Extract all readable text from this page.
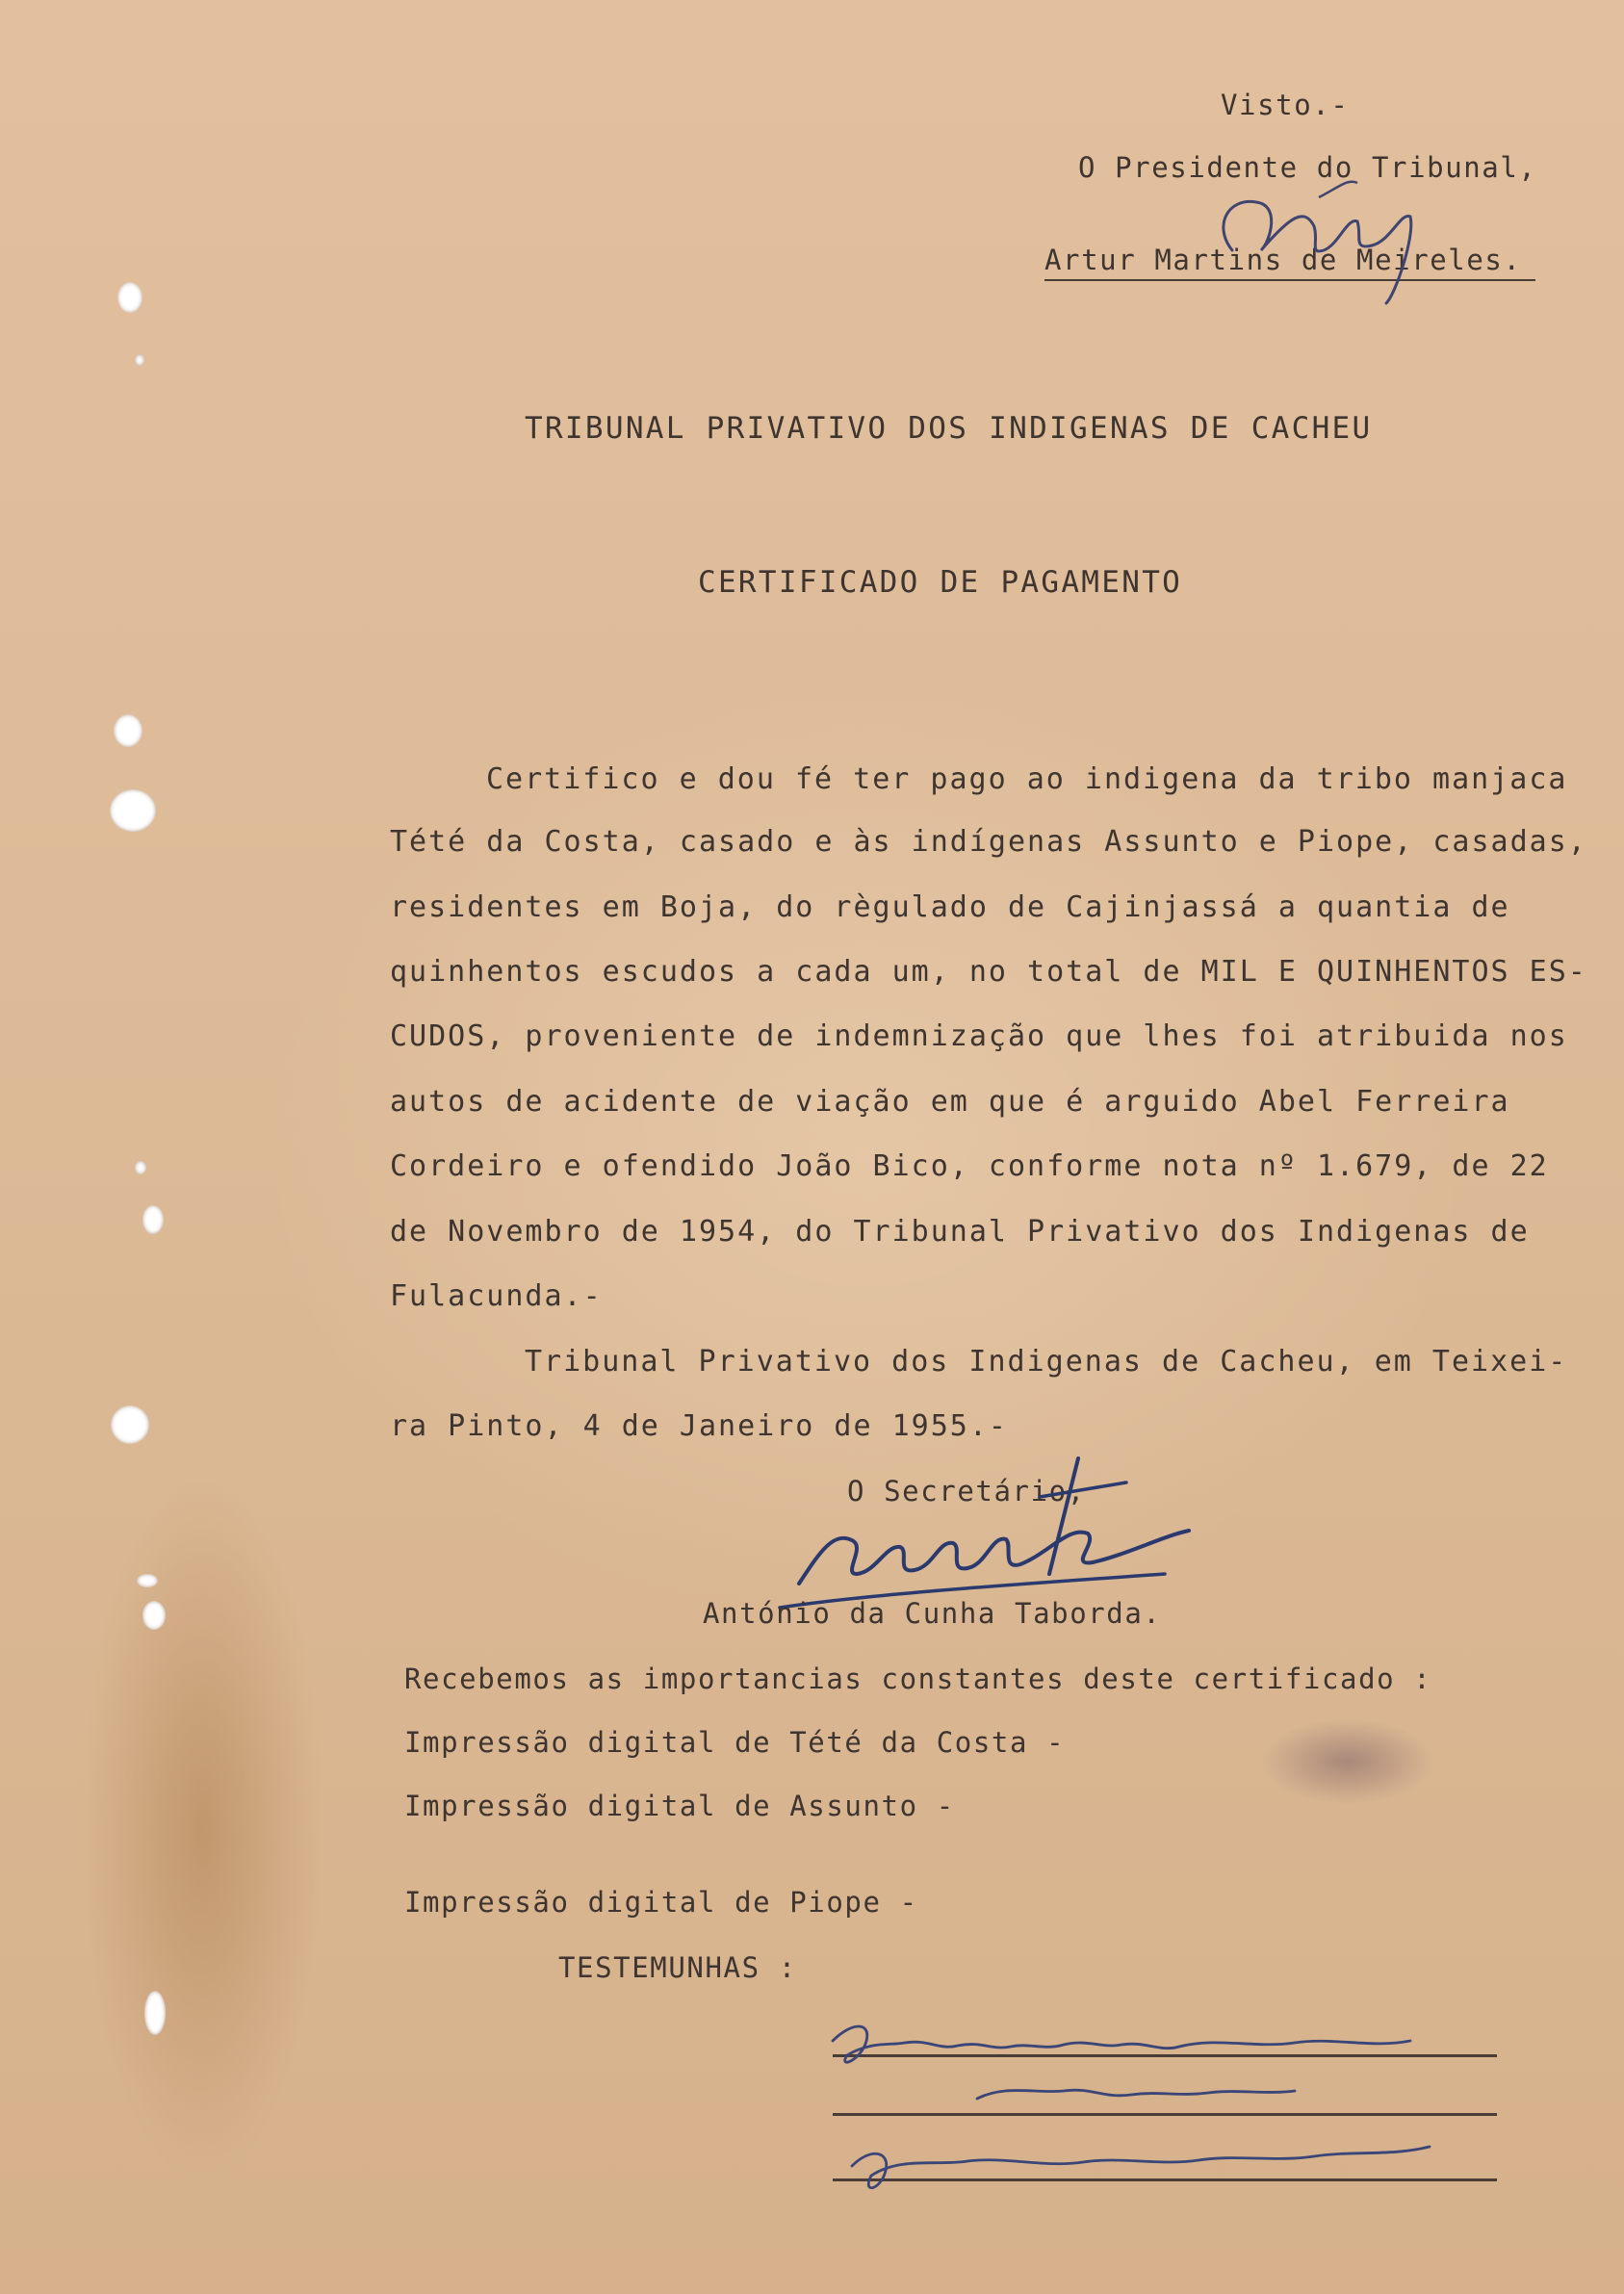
Visto.-
O Presidente do Tribunal,
Artur Martins de Meireles.
TRIBUNAL PRIVATIVO DOS INDIGENAS DE CACHEU
CERTIFICADO DE PAGAMENTO
Certifico e dou fé ter pago ao indigena da tribo manjaca
Tété da Costa, casado e às indígenas Assunto e Piope, casadas,
residentes em Boja, do règulado de Cajinjassá a quantia de
quinhentos escudos a cada um, no total de MIL E QUINHENTOS ES-
CUDOS, proveniente de indemnização que lhes foi atribuida nos
autos de acidente de viação em que é arguido Abel Ferreira
Cordeiro e ofendido João Bico, conforme nota nº 1.679, de 22
de Novembro de 1954, do Tribunal Privativo dos Indigenas de
Fulacunda.-
Tribunal Privativo dos Indigenas de Cacheu, em Teixei-
ra Pinto, 4 de Janeiro de 1955.-
O Secretário,
António da Cunha Taborda.
Recebemos as importancias constantes deste certificado :
Impressão digital de Tété da Costa -
Impressão digital de Assunto -
Impressão digital de Piope -
TESTEMUNHAS :
